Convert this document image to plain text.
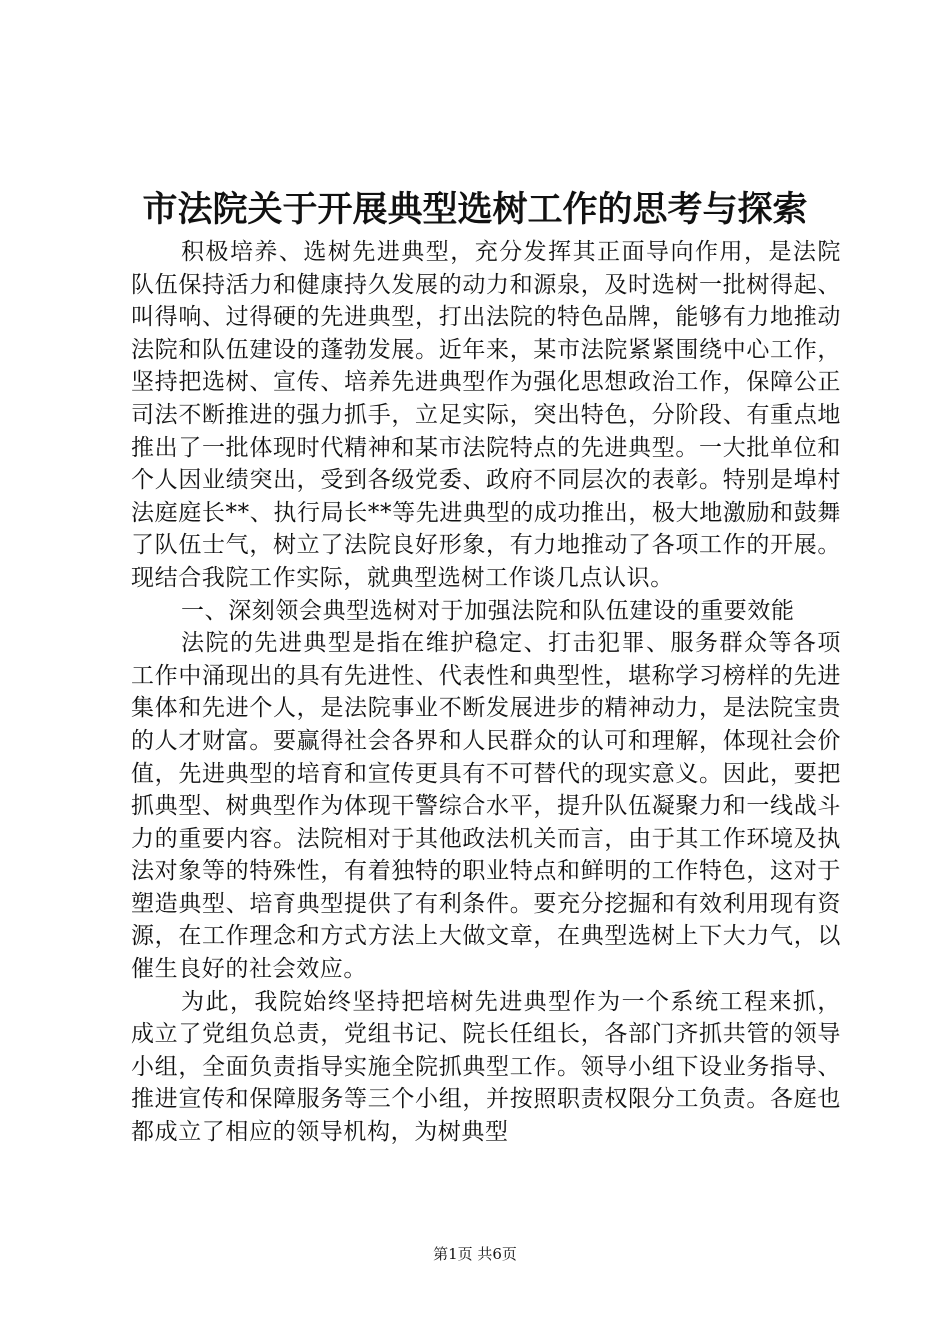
市法院关于开展典型选树工作的思考与探索

积极培养、选树先进典型，充分发挥其正面导向作用，是法院队伍保持活力和健康持久发展的动力和源泉，及时选树一批树得起、叫得响、过得硬的先进典型，打出法院的特色品牌，能够有力地推动法院和队伍建设的蓬勃发展。近年来，某市法院紧紧围绕中心工作，坚持把选树、宣传、培养先进典型作为强化思想政治工作，保障公正司法不断推进的强力抓手，立足实际，突出特色，分阶段、有重点地推出了一批体现时代精神和某市法院特点的先进典型。一大批单位和个人因业绩突出，受到各级党委、政府不同层次的表彰。特别是埠村法庭庭长**、执行局长**等先进典型的成功推出，极大地激励和鼓舞了队伍士气，树立了法院良好形象，有力地推动了各项工作的开展。现结合我院工作实际，就典型选树工作谈几点认识。

一、深刻领会典型选树对于加强法院和队伍建设的重要效能

法院的先进典型是指在维护稳定、打击犯罪、服务群众等各项工作中涌现出的具有先进性、代表性和典型性，堪称学习榜样的先进集体和先进个人，是法院事业不断发展进步的精神动力，是法院宝贵的人才财富。要赢得社会各界和人民群众的认可和理解，体现社会价值，先进典型的培育和宣传更具有不可替代的现实意义。因此，要把抓典型、树典型作为体现干警综合水平，提升队伍凝聚力和一线战斗力的重要内容。法院相对于其他政法机关而言，由于其工作环境及执法对象等的特殊性，有着独特的职业特点和鲜明的工作特色，这对于塑造典型、培育典型提供了有利条件。要充分挖掘和有效利用现有资源，在工作理念和方式方法上大做文章，在典型选树上下大力气，以催生良好的社会效应。

为此，我院始终坚持把培树先进典型作为一个系统工程来抓，成立了党组负总责，党组书记、院长任组长，各部门齐抓共管的领导小组，全面负责指导实施全院抓典型工作。领导小组下设业务指导、推进宣传和保障服务等三个小组，并按照职责权限分工负责。各庭也都成立了相应的领导机构，为树典型

第1页 共6页
